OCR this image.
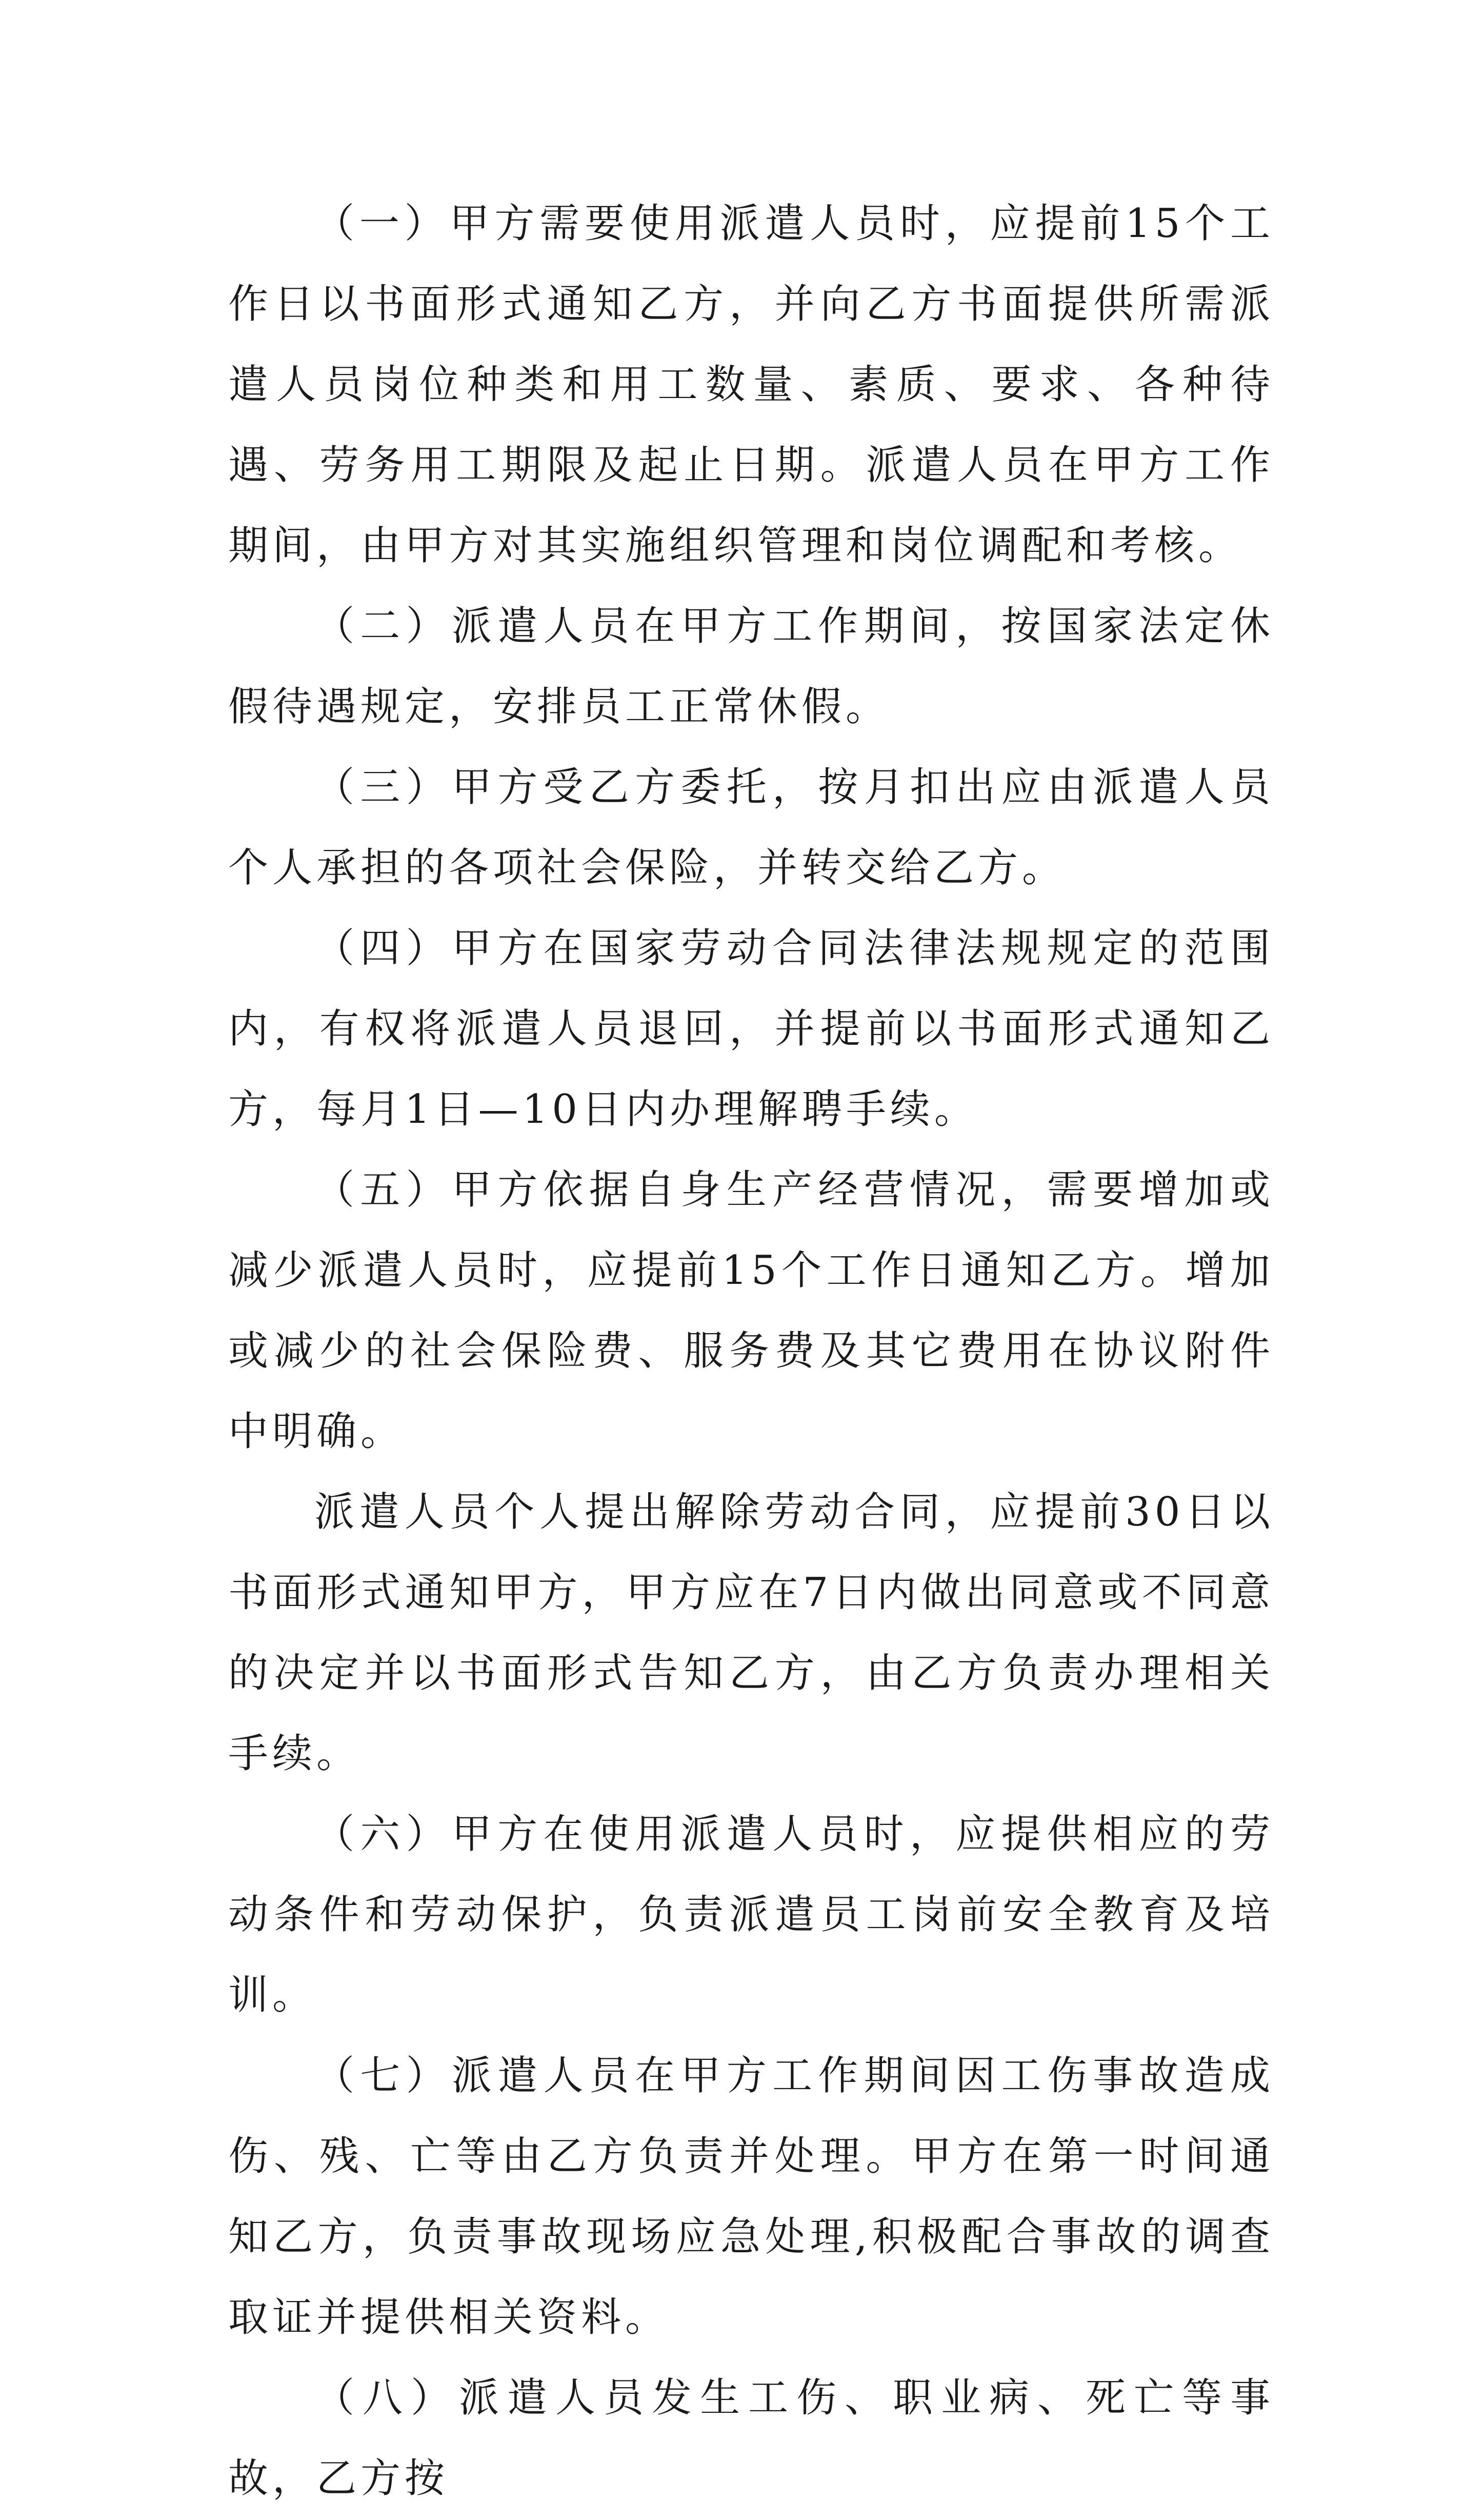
（一）甲方需要使用派遣人员时，应提前15个工作日以书面形式通知乙方，并向乙方书面提供所需派遣人员岗位种类和用工数量、素质、要求、各种待遇、劳务用工期限及起止日期。派遣人员在甲方工作期间，由甲方对其实施组织管理和岗位调配和考核。

（二）派遣人员在甲方工作期间，按国家法定休假待遇规定，安排员工正常休假。

（三）甲方受乙方委托，按月扣出应由派遣人员个人承担的各项社会保险，并转交给乙方。

（四）甲方在国家劳动合同法律法规规定的范围内，有权将派遣人员退回，并提前以书面形式通知乙方，每月1日—10日内办理解聘手续。

（五）甲方依据自身生产经营情况，需要增加或减少派遣人员时，应提前15个工作日通知乙方。增加或减少的社会保险费、服务费及其它费用在协议附件中明确。

派遣人员个人提出解除劳动合同，应提前30日以书面形式通知甲方，甲方应在7日内做出同意或不同意的决定并以书面形式告知乙方，由乙方负责办理相关手续。

（六）甲方在使用派遣人员时，应提供相应的劳动条件和劳动保护，负责派遣员工岗前安全教育及培训。

（七）派遣人员在甲方工作期间因工伤事故造成伤、残、亡等由乙方负责并处理。甲方在第一时间通知乙方，负责事故现场应急处理,积极配合事故的调查取证并提供相关资料。

（八）派遣人员发生工伤、职业病、死亡等事故，乙方按
